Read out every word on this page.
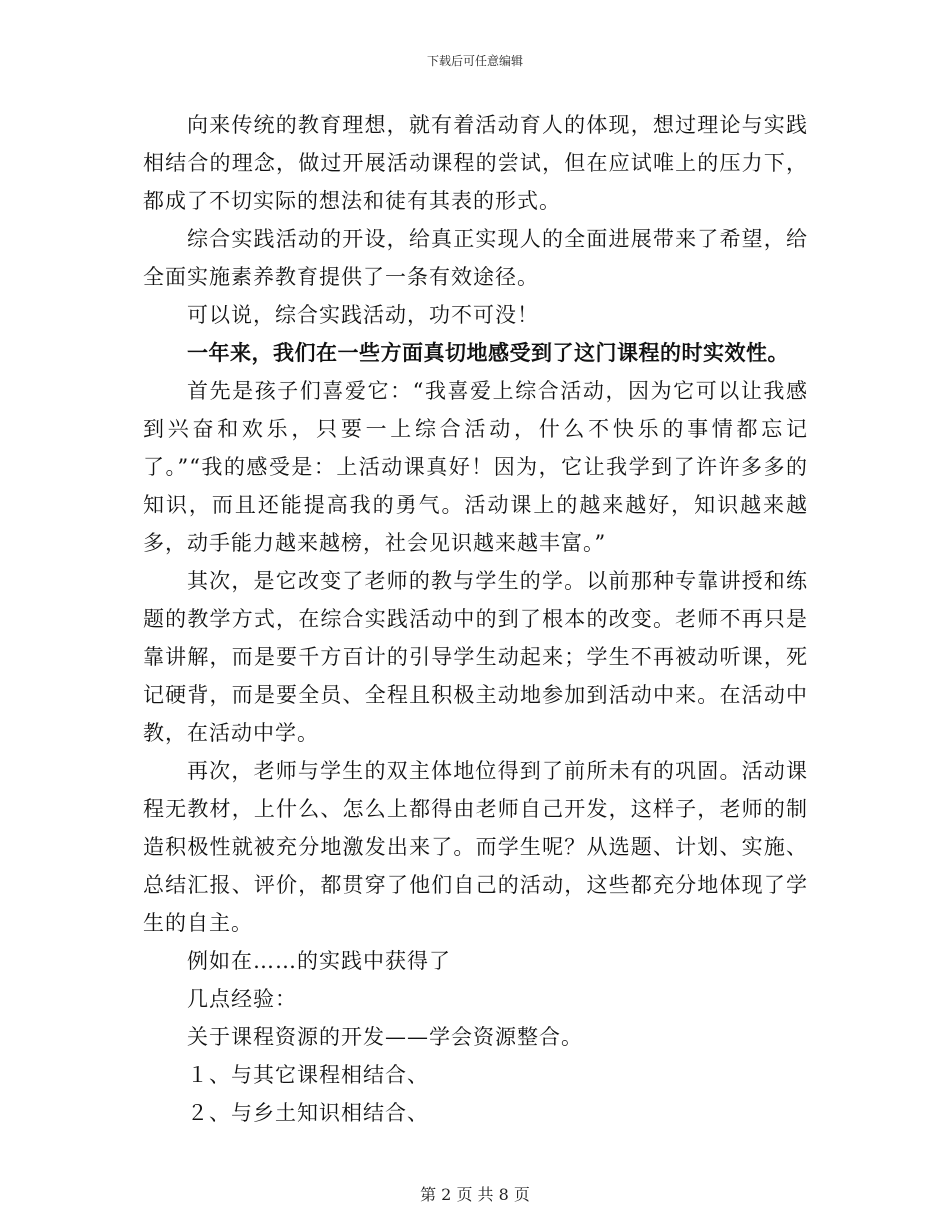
下载后可任意编辑

向来传统的教育理想，就有着活动育人的体现，想过理论与实践相结合的理念，做过开展活动课程的尝试，但在应试唯上的压力下，都成了不切实际的想法和徒有其表的形式。

综合实践活动的开设，给真正实现人的全面进展带来了希望，给全面实施素养教育提供了一条有效途径。

可以说，综合实践活动，功不可没！

一年来，我们在一些方面真切地感受到了这门课程的时实效性。

首先是孩子们喜爱它：“我喜爱上综合活动，因为它可以让我感到兴奋和欢乐，只要一上综合活动，什么不快乐的事情都忘记了。”“我的感受是：上活动课真好！因为，它让我学到了许许多多的知识，而且还能提高我的勇气。活动课上的越来越好，知识越来越多，动手能力越来越榜，社会见识越来越丰富。”

其次，是它改变了老师的教与学生的学。以前那种专靠讲授和练题的教学方式，在综合实践活动中的到了根本的改变。老师不再只是靠讲解，而是要千方百计的引导学生动起来；学生不再被动听课，死记硬背，而是要全员、全程且积极主动地参加到活动中来。在活动中教，在活动中学。

再次，老师与学生的双主体地位得到了前所未有的巩固。活动课程无教材，上什么、怎么上都得由老师自己开发，这样子，老师的制造积极性就被充分地激发出来了。而学生呢？从选题、计划、实施、总结汇报、评价，都贯穿了他们自己的活动，这些都充分地体现了学生的自主。

例如在……的实践中获得了

几点经验：

关于课程资源的开发——学会资源整合。

１、与其它课程相结合、

２、与乡土知识相结合、

第 2 页 共 8 页
